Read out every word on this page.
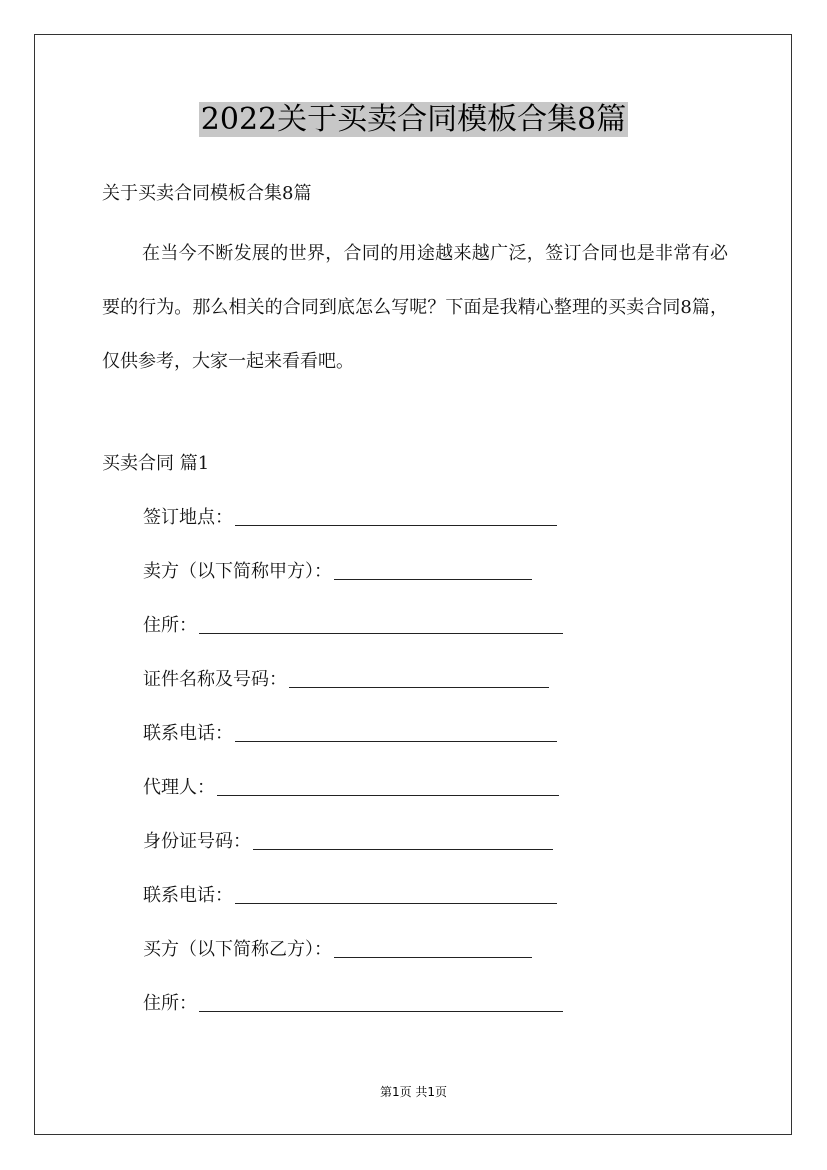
2022关于买卖合同模板合集8篇

关于买卖合同模板合集8篇

在当今不断发展的世界，合同的用途越来越广泛，签订合同也是非常有必要的行为。那么相关的合同到底怎么写呢？下面是我精心整理的买卖合同8篇，仅供参考，大家一起来看看吧。

买卖合同 篇1

签订地点：
卖方（以下简称甲方）：
住所：
证件名称及号码：
联系电话：
代理人：
身份证号码：
联系电话：
买方（以下简称乙方）：
住所：
第1页 共1页
